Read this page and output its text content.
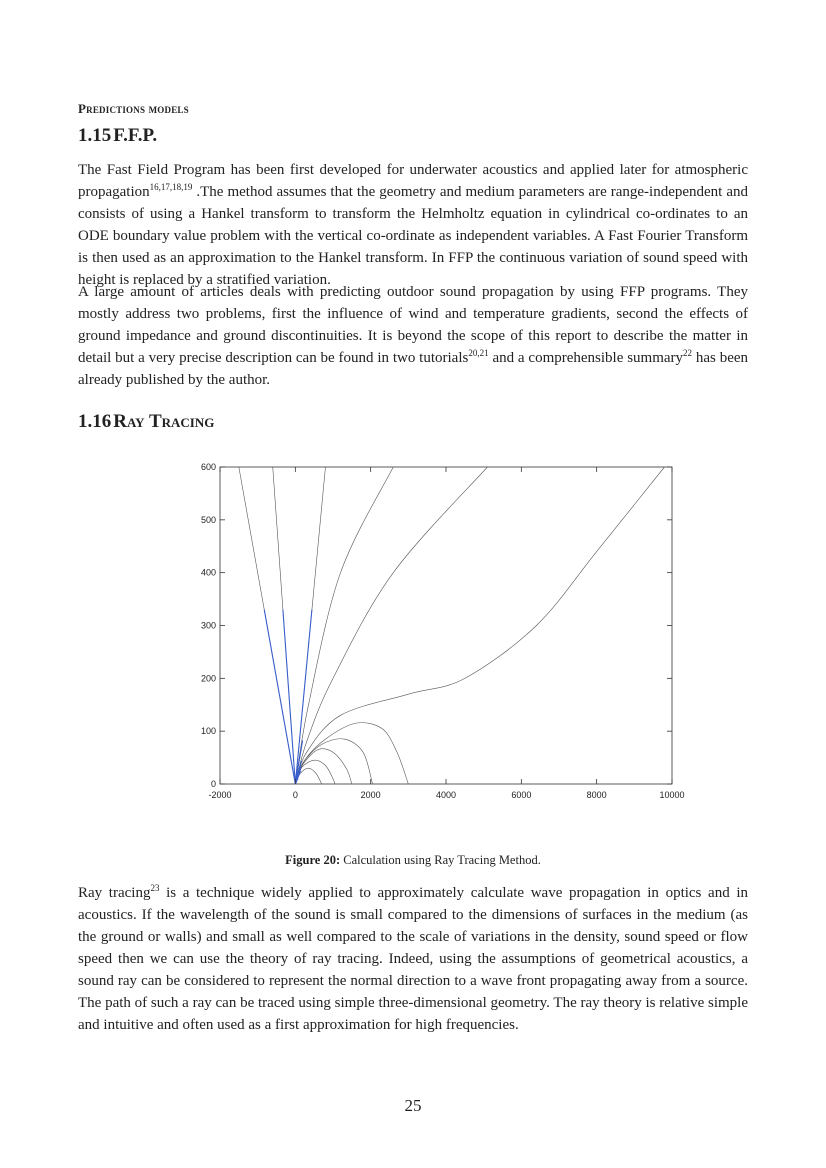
Predictions models
1.15 F.F.P.
The Fast Field Program has been first developed for underwater acoustics and applied later for atmospheric propagation$^{16,17,18,19}$ .The method assumes that the geometry and medium parameters are range-independent and consists of using a Hankel transform to transform the Helmholtz equation in cylindrical co-ordinates to an ODE boundary value problem with the vertical co-ordinate as independent variables. A Fast Fourier Transform is then used as an approximation to the Hankel transform. In FFP the continuous variation of sound speed with height is replaced by a stratified variation.
A large amount of articles deals with predicting outdoor sound propagation by using FFP programs. They mostly address two problems, first the influence of wind and temperature gradients, second the effects of ground impedance and ground discontinuities. It is beyond the scope of this report to describe the matter in detail but a very precise description can be found in two tutorials$^{20,21}$ and a comprehensible summary$^{22}$ has been already published by the author.
1.16 Ray Tracing
-2000	0	2000	4000	6000	8000	10000
0
100
200
300
400
500
600
Figure 20: Calculation using Ray Tracing Method.
Ray tracing$^{23}$ is a technique widely applied to approximately calculate wave propagation in optics and in acoustics. If the wavelength of the sound is small compared to the dimensions of surfaces in the medium (as the ground or walls) and small as well compared to the scale of variations in the density, sound speed or flow speed then we can use the theory of ray tracing. Indeed, using the assumptions of geometrical acoustics, a sound ray can be considered to represent the normal direction to a wave front propagating away from a source. The path of such a ray can be traced using simple three-dimensional geometry. The ray theory is relative simple and intuitive and often used as a first approximation for high frequencies.
25
